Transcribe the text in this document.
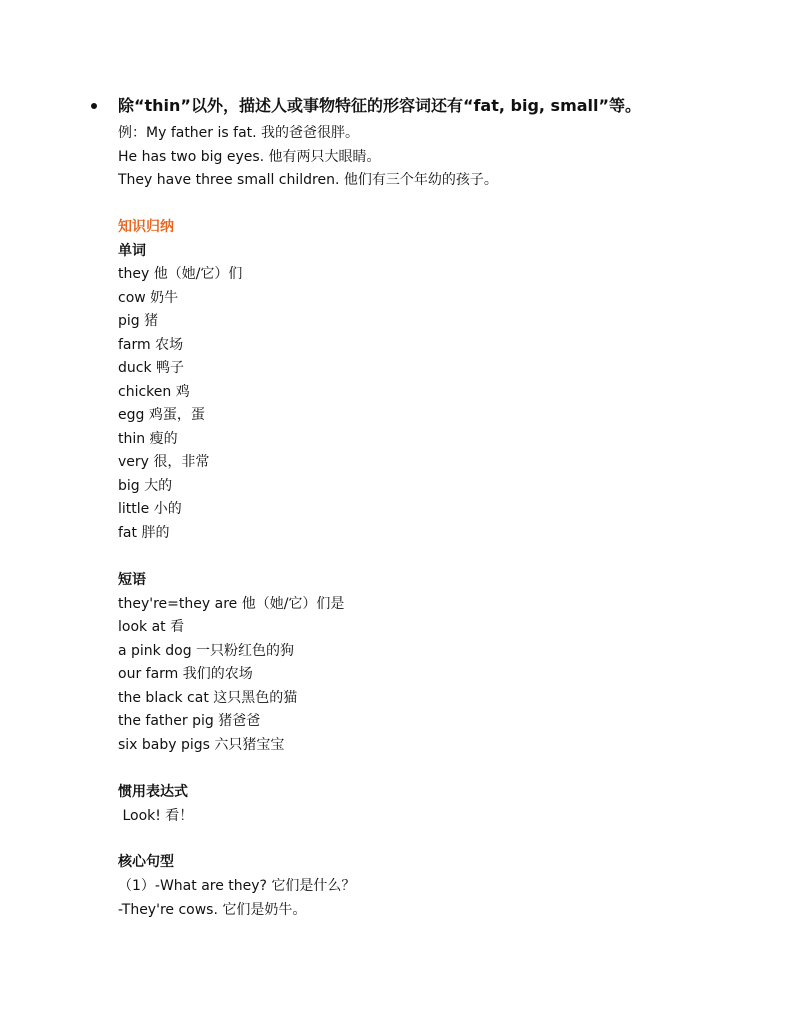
除“thin”以外，描述人或事物特征的形容词还有“fat, big, small”等。
例：My father is fat. 我的爸爸很胖。
He has two big eyes. 他有两只大眼睛。
They have three small children. 他们有三个年幼的孩子。
知识归纳
单词
they 他（她/它）们
cow 奶牛
pig 猪
farm 农场
duck 鸭子
chicken 鸡
egg 鸡蛋，蛋
thin 瘦的
very 很，非常
big 大的
little 小的
fat 胖的
短语
they're=they are 他（她/它）们是
look at 看
a pink dog 一只粉红色的狗
our farm 我们的农场
the black cat 这只黑色的猫
the father pig 猪爸爸
six baby pigs 六只猪宝宝
惯用表达式
Look! 看！
核心句型
（1）-What are they? 它们是什么？
-They're cows. 它们是奶牛。
